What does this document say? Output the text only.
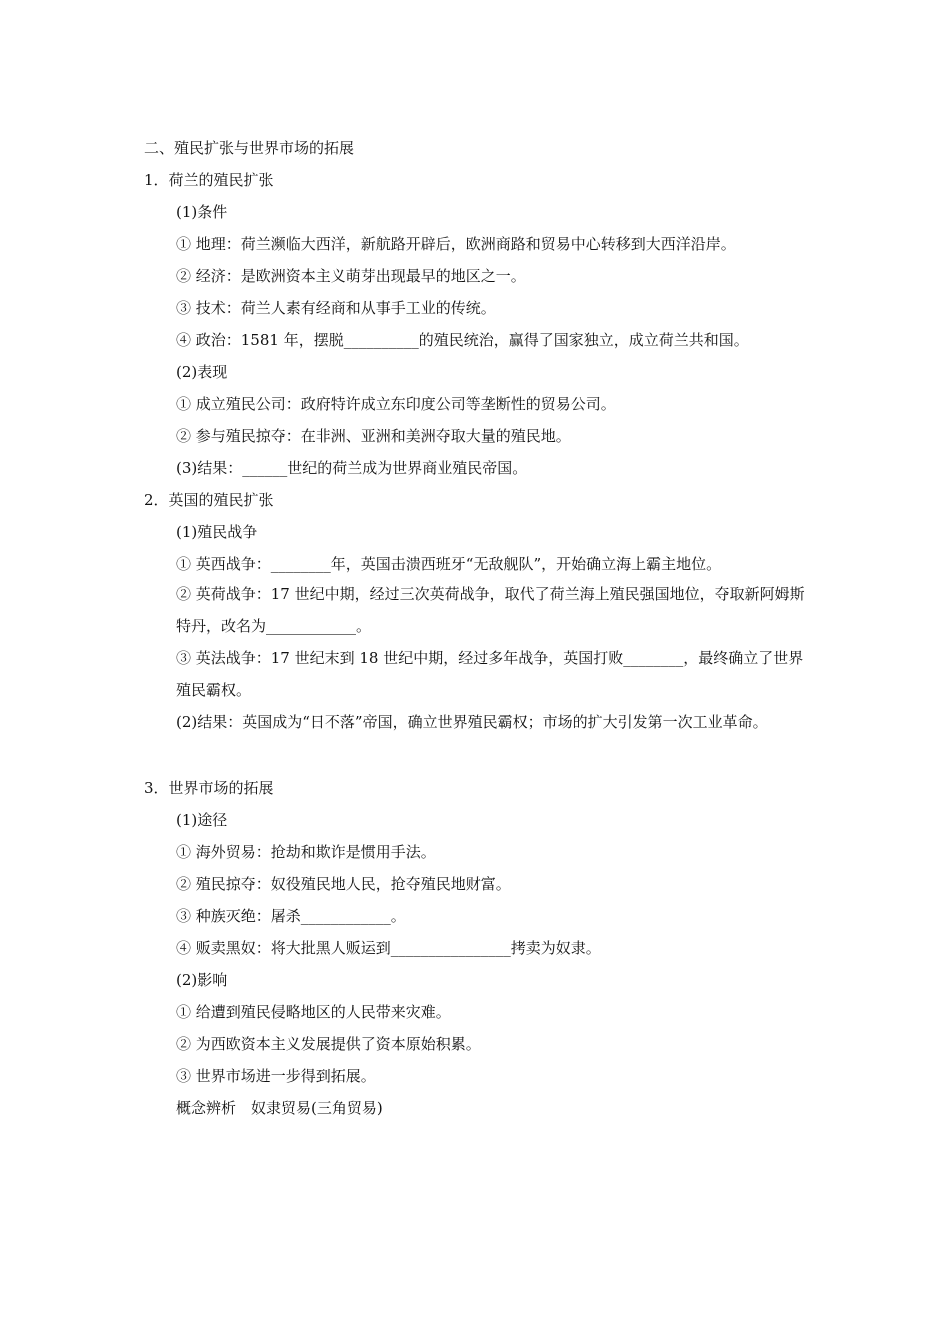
二、殖民扩张与世界市场的拓展
1．荷兰的殖民扩张
(1)条件
① 地理：荷兰濒临大西洋，新航路开辟后，欧洲商路和贸易中心转移到大西洋沿岸。
② 经济：是欧洲资本主义萌芽出现最早的地区之一。
③ 技术：荷兰人素有经商和从事手工业的传统。
④ 政治：1581 年，摆脱__________的殖民统治，赢得了国家独立，成立荷兰共和国。
(2)表现
① 成立殖民公司：政府特许成立东印度公司等垄断性的贸易公司。
② 参与殖民掠夺：在非洲、亚洲和美洲夺取大量的殖民地。
(3)结果：______世纪的荷兰成为世界商业殖民帝国。
2．英国的殖民扩张
(1)殖民战争
① 英西战争：________年，英国击溃西班牙“无敌舰队”，开始确立海上霸主地位。
② 英荷战争：17 世纪中期，经过三次英荷战争，取代了荷兰海上殖民强国地位，夺取新阿姆斯特丹，改名为____________。
③ 英法战争：17 世纪末到 18 世纪中期，经过多年战争，英国打败________，最终确立了世界殖民霸权。
(2)结果：英国成为“日不落”帝国，确立世界殖民霸权；市场的扩大引发第一次工业革命。
3．世界市场的拓展
(1)途径
① 海外贸易：抢劫和欺诈是惯用手法。
② 殖民掠夺：奴役殖民地人民，抢夺殖民地财富。
③ 种族灭绝：屠杀____________。
④ 贩卖黑奴：将大批黑人贩运到________________拷卖为奴隶。
(2)影响
① 给遭到殖民侵略地区的人民带来灾难。
② 为西欧资本主义发展提供了资本原始积累。
③ 世界市场进一步得到拓展。
概念辨析　奴隶贸易(三角贸易)
